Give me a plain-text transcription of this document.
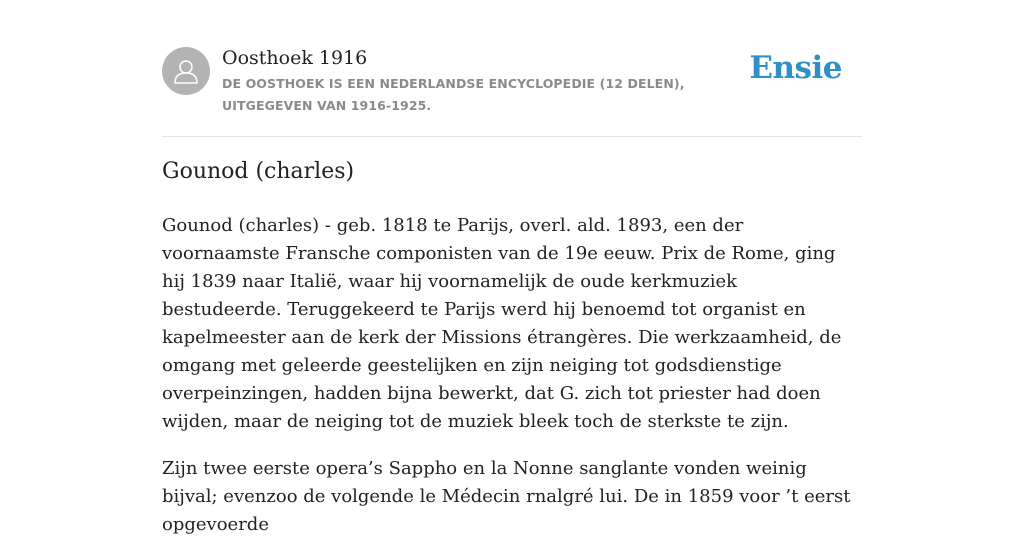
Oosthoek 1916
DE OOSTHOEK IS EEN NEDERLANDSE ENCYCLOPEDIE (12 DELEN), UITGEGEVEN VAN 1916-1925.
Ensie
Gounod (charles)

Gounod (charles) - geb. 1818 te Parijs, overl. ald. 1893, een der voornaamste Fransche componisten van de 19e eeuw. Prix de Rome, ging hij 1839 naar Italië, waar hij voornamelijk de oude kerkmuziek bestudeerde. Teruggekeerd te Parijs werd hij benoemd tot organist en kapelmeester aan de kerk der Missions étrangères. Die werkzaamheid, de omgang met geleerde geestelijken en zijn neiging tot godsdienstige overpeinzingen, hadden bijna bewerkt, dat G. zich tot priester had doen wijden, maar de neiging tot de muziek bleek toch de sterkste te zijn.

Zijn twee eerste opera’s Sappho en la Nonne sanglante vonden weinig bijval; evenzoo de volgende le Médecin rnalgré lui. De in 1859 voor ’t eerst opgevoerde
